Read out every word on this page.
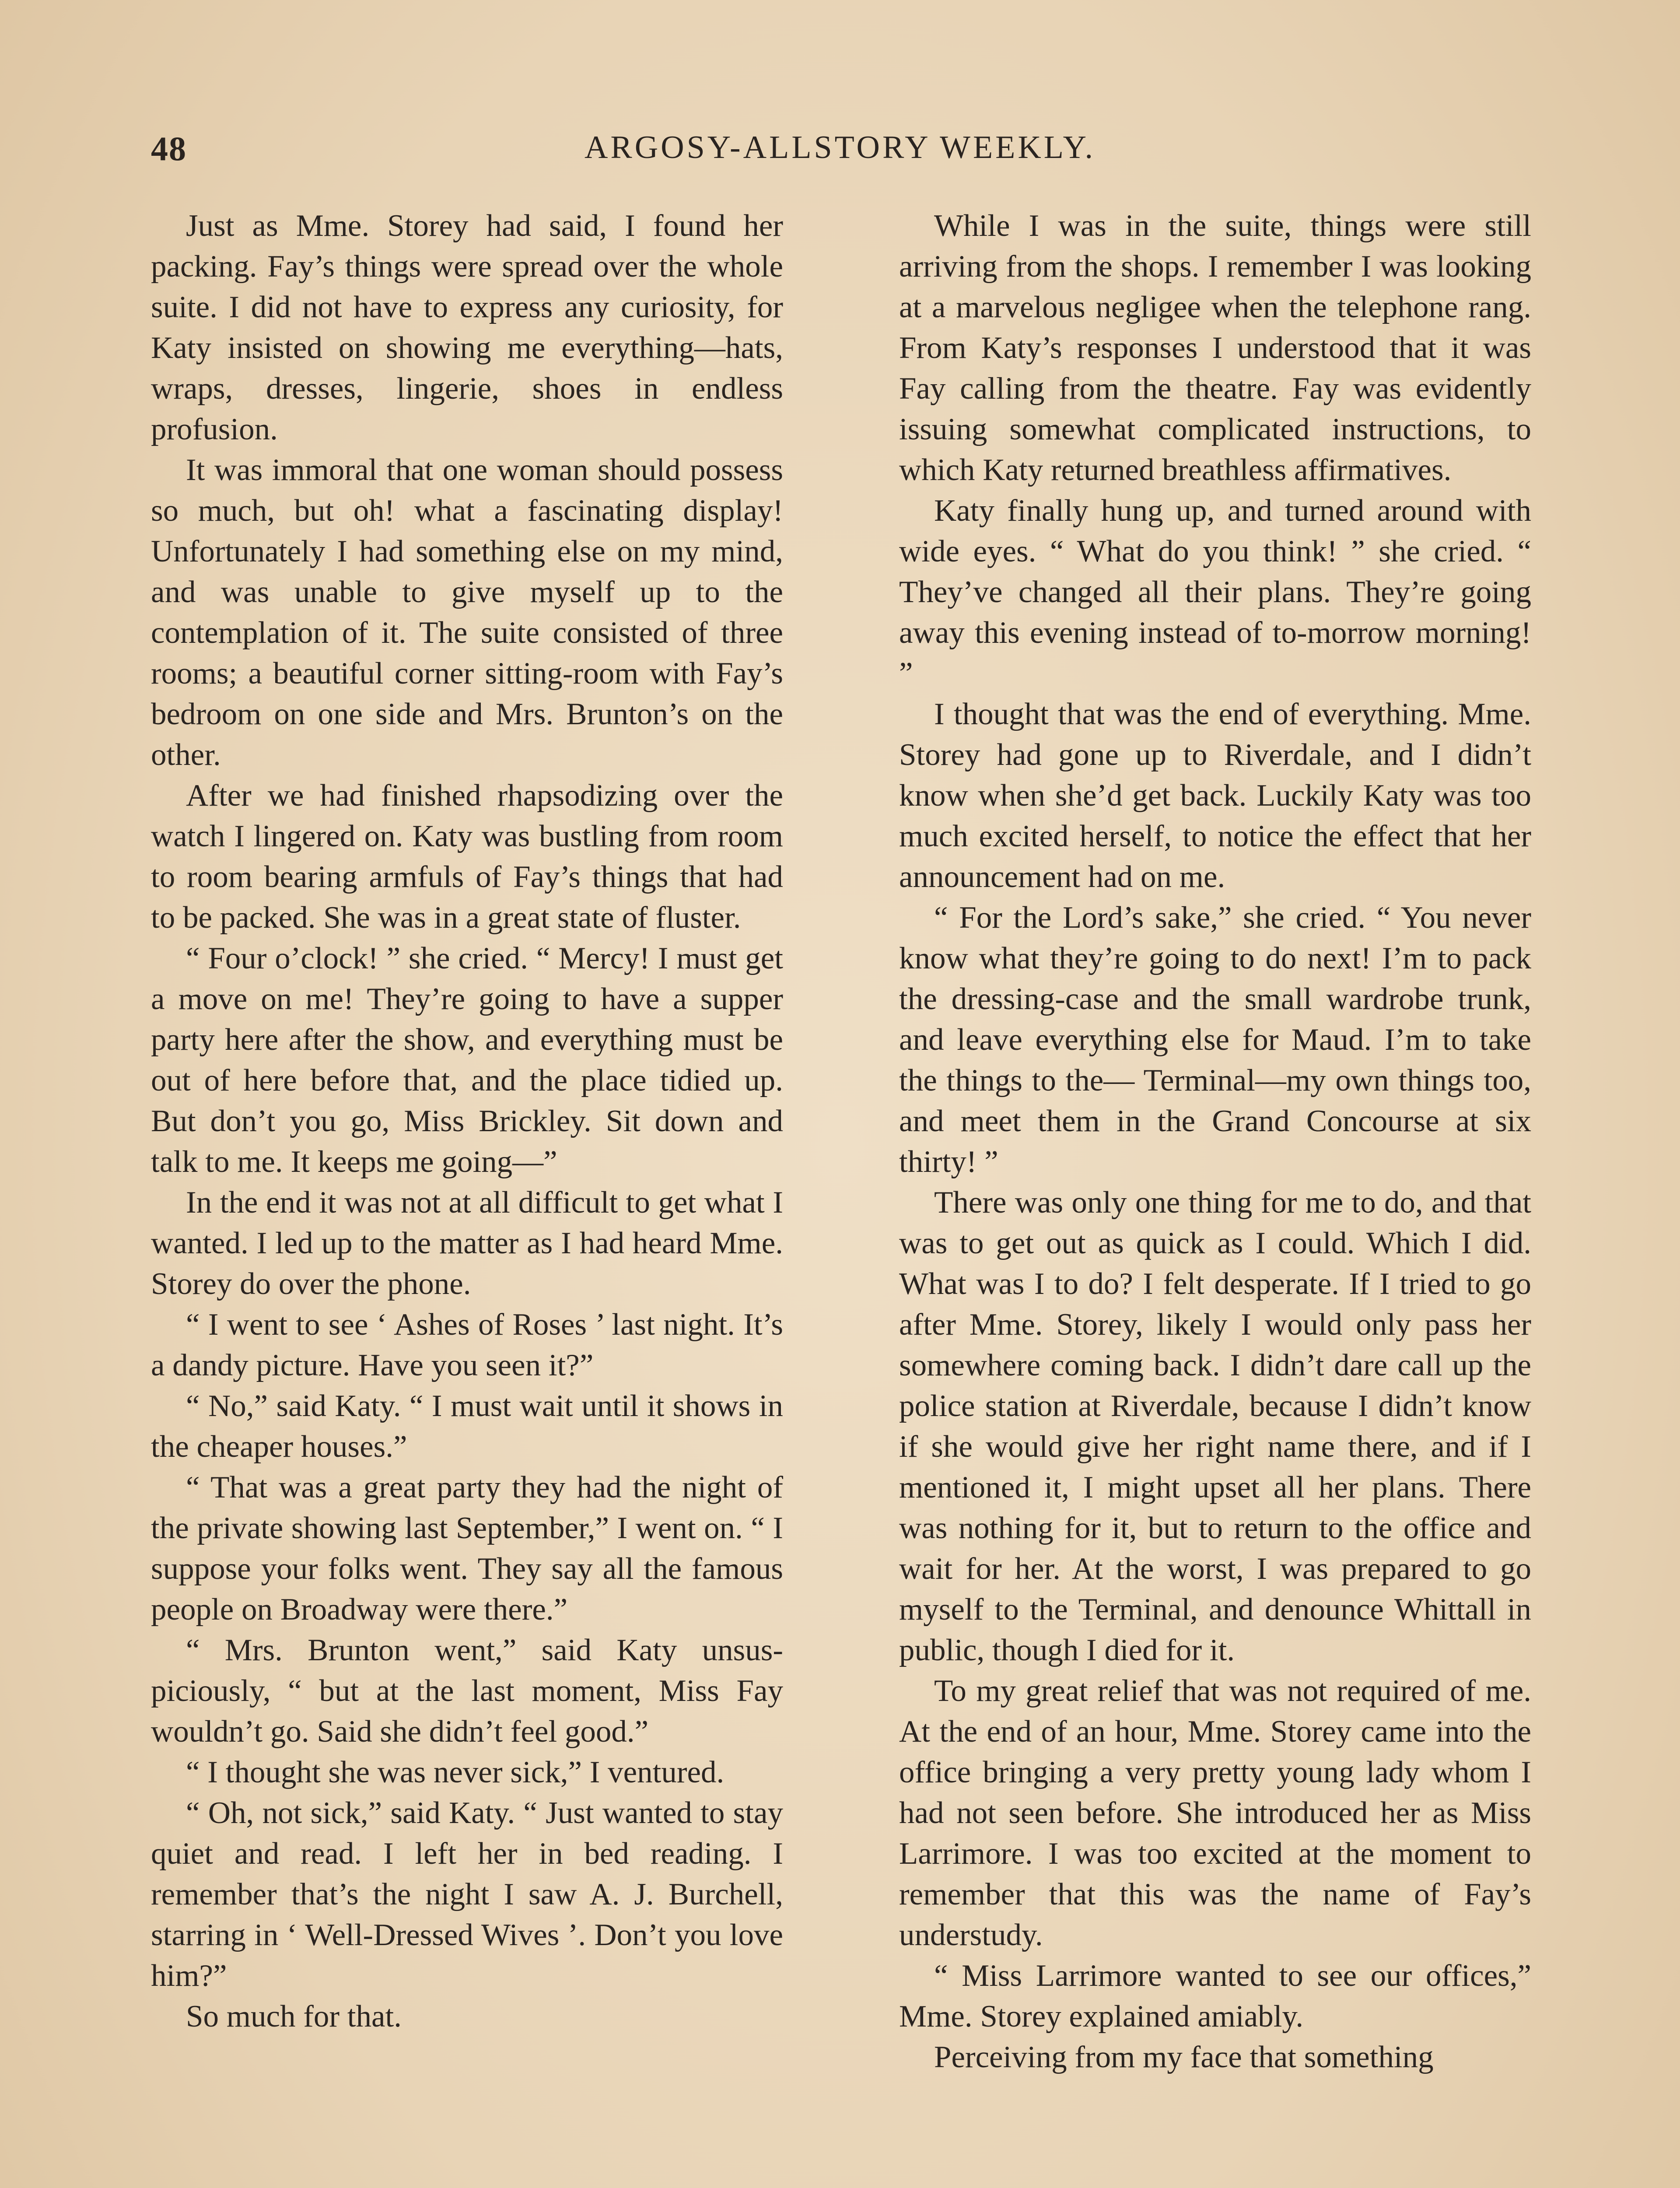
48	ARGOSY-ALLSTORY WEEKLY.

Just as Mme. Storey had said, I found her packing. Fay’s things were spread over the whole suite. I did not have to express any curiosity, for Katy insisted on showing me everything—hats, wraps, dresses, lingerie, shoes in endless profusion.

It was immoral that one woman should possess so much, but oh! what a fascinating display! Unfortunately I had something else on my mind, and was unable to give myself up to the contemplation of it. The suite consisted of three rooms; a beautiful corner sitting-room with Fay’s bedroom on one side and Mrs. Brunton’s on the other.

After we had finished rhapsodizing over the watch I lingered on. Katy was bustling from room to room bearing armfuls of Fay’s things that had to be packed. She was in a great state of fluster.

“ Four o’clock! ” she cried. “ Mercy! I must get a move on me! They’re going to have a supper party here after the show, and everything must be out of here before that, and the place tidied up. But don’t you go, Miss Brickley. Sit down and talk to me. It keeps me going—”

In the end it was not at all difficult to get what I wanted. I led up to the matter as I had heard Mme. Storey do over the phone.

“ I went to see ‘ Ashes of Roses ’ last night. It’s a dandy picture. Have you seen it?”

“ No,” said Katy. “ I must wait until it shows in the cheaper houses.”

“ That was a great party they had the night of the private showing last September,” I went on. “ I suppose your folks went. They say all the famous people on Broadway were there.”

“ Mrs. Brunton went,” said Katy unsuspiciously, “ but at the last moment, Miss Fay wouldn’t go. Said she didn’t feel good.”

“ I thought she was never sick,” I ventured.

“ Oh, not sick,” said Katy. “ Just wanted to stay quiet and read. I left her in bed reading. I remember that’s the night I saw A. J. Burchell, starring in ‘ Well-Dressed Wives ’. Don’t you love him?”

So much for that.

While I was in the suite, things were still arriving from the shops. I remember I was looking at a marvelous negligee when the telephone rang. From Katy’s responses I understood that it was Fay calling from the theatre. Fay was evidently issuing somewhat complicated instructions, to which Katy returned breathless affirmatives.

Katy finally hung up, and turned around with wide eyes. “ What do you think! ” she cried. “ They’ve changed all their plans. They’re going away this evening instead of to-morrow morning! ”

I thought that was the end of everything. Mme. Storey had gone up to Riverdale, and I didn’t know when she’d get back. Luckily Katy was too much excited herself, to notice the effect that her announcement had on me.

“ For the Lord’s sake,” she cried. “ You never know what they’re going to do next! I’m to pack the dressing-case and the small wardrobe trunk, and leave everything else for Maud. I’m to take the things to the— Terminal—my own things too, and meet them in the Grand Concourse at six thirty! ”

There was only one thing for me to do, and that was to get out as quick as I could. Which I did. What was I to do? I felt desperate. If I tried to go after Mme. Storey, likely I would only pass her somewhere coming back. I didn’t dare call up the police station at Riverdale, because I didn’t know if she would give her right name there, and if I mentioned it, I might upset all her plans. There was nothing for it, but to return to the office and wait for her. At the worst, I was prepared to go myself to the Terminal, and denounce Whittall in public, though I died for it.

To my great relief that was not required of me. At the end of an hour, Mme. Storey came into the office bringing a very pretty young lady whom I had not seen before. She introduced her as Miss Larrimore. I was too excited at the moment to remember that this was the name of Fay’s understudy.

“ Miss Larrimore wanted to see our offices,” Mme. Storey explained amiably.

Perceiving from my face that something
